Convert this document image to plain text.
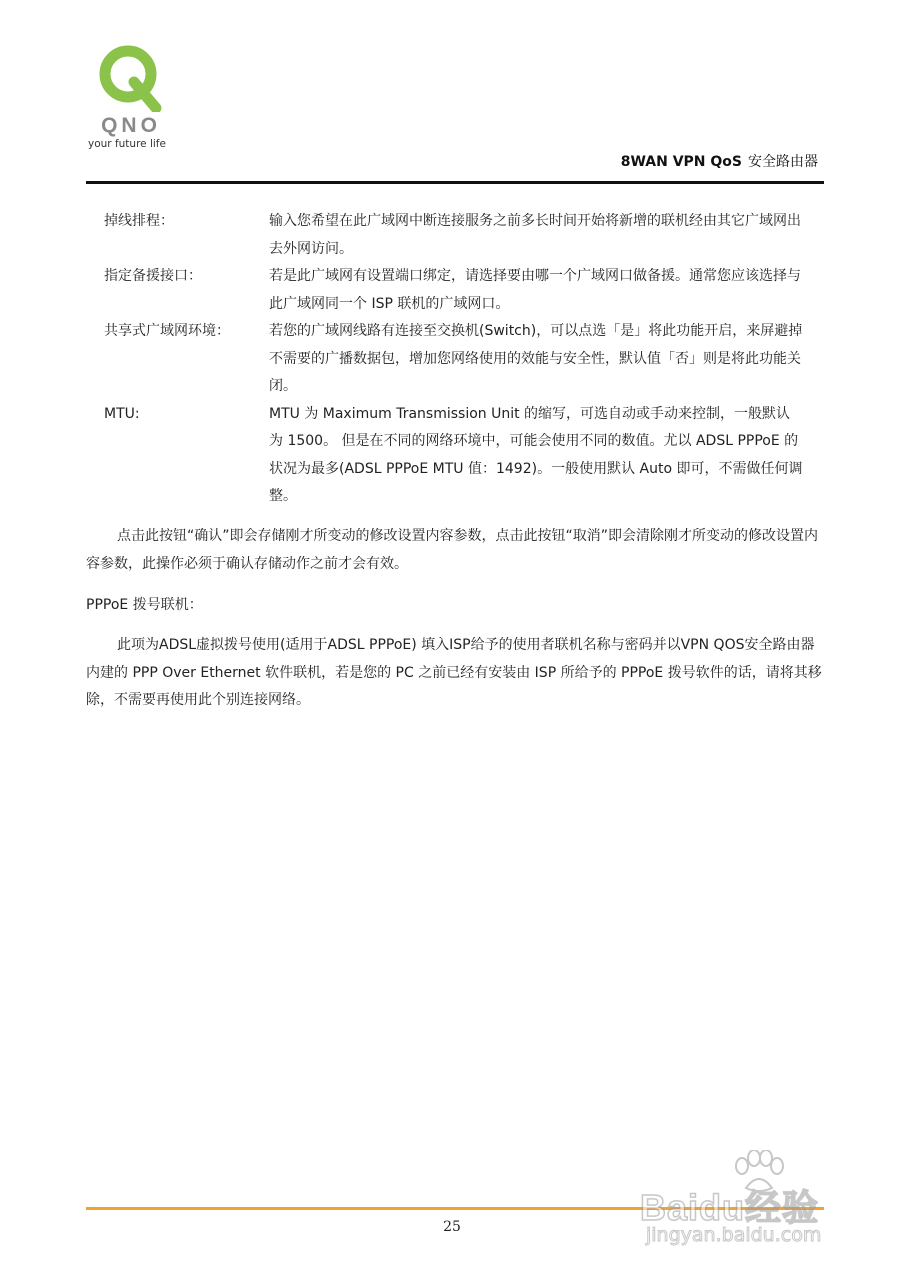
QNO
your future life
8WAN VPN QoS 安全路由器
掉线排程：	输入您希望在此广域网中断连接服务之前多长时间开始将新增的联机经由其它广域网出去外网访问。
指定备援接口：	若是此广域网有设置端口绑定，请选择要由哪一个广域网口做备援。通常您应该选择与此广域网同一个 ISP 联机的广域网口。
共享式广域网环境：	若您的广域网线路有连接至交换机(Switch)，可以点选「是」将此功能开启，来屏避掉不需要的广播数据包，增加您网络使用的效能与安全性，默认值「否」则是将此功能关闭。
MTU:	MTU 为 Maximum Transmission Unit 的缩写，可选自动或手动来控制，一般默认为 1500。 但是在不同的网络环境中，可能会使用不同的数值。尤以 ADSL PPPoE 的状况为最多(ADSL PPPoE MTU 值：1492)。一般使用默认 Auto 即可，不需做任何调整。

点击此按钮“确认”即会存储刚才所变动的修改设置内容参数，点击此按钮“取消”即会清除刚才所变动的修改设置内容参数，此操作必须于确认存储动作之前才会有效。

PPPoE 拨号联机：

此项为ADSL虚拟拨号使用(适用于ADSL PPPoE) 填入ISP给予的使用者联机名称与密码并以VPN QOS安全路由器内建的 PPP Over Ethernet 软件联机，若是您的 PC 之前已经有安装由 ISP 所给予的 PPPoE 拨号软件的话，请将其移除，不需要再使用此个别连接网络。

25	Baidu经验
jingyan.baidu.com
